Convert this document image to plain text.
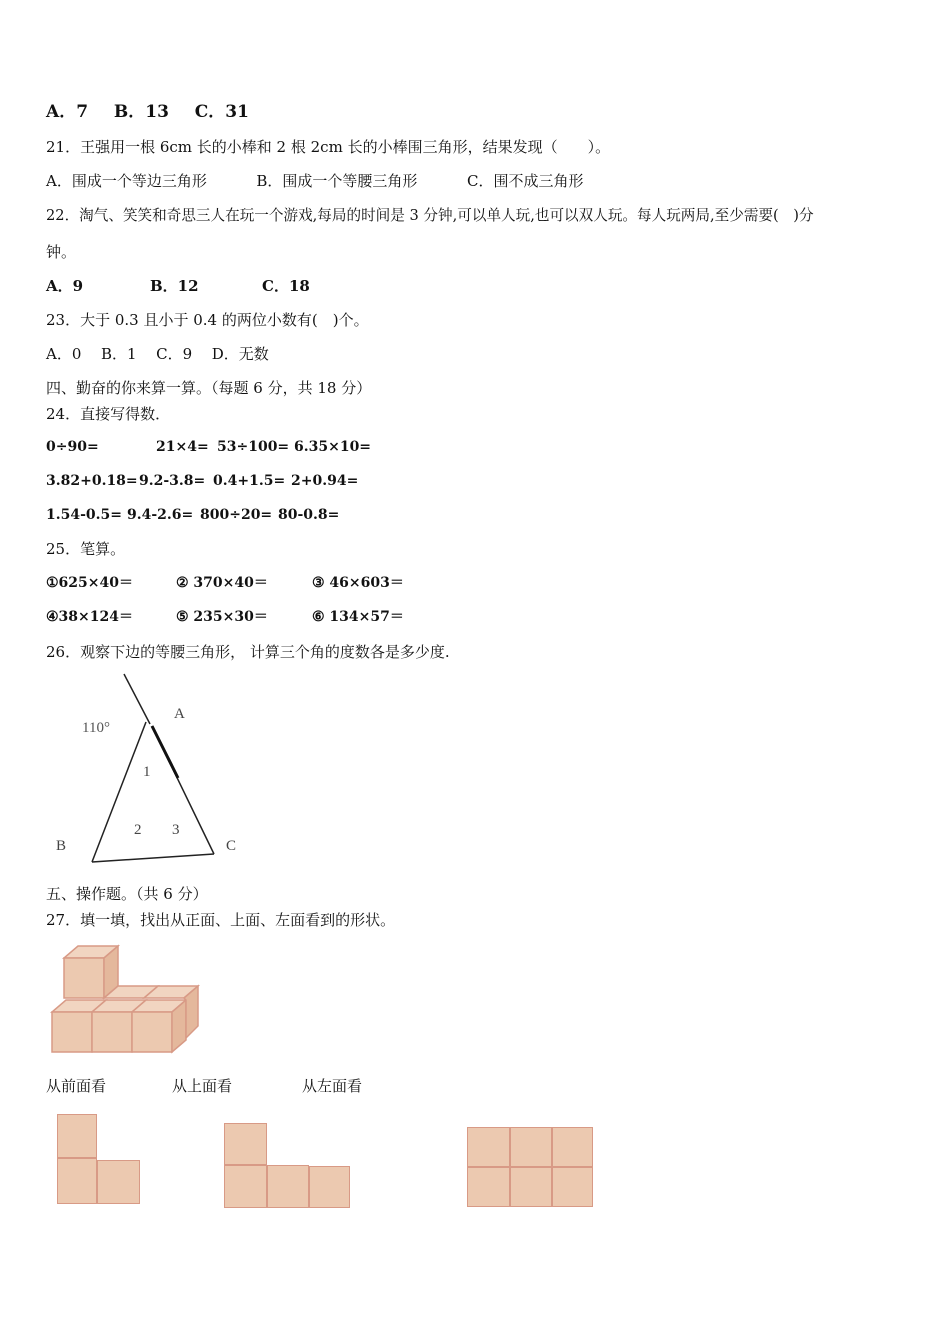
A．7 B．13 C．31
21．王强用一根 6cm 长的小棒和 2 根 2cm 长的小棒围三角形，结果发现（　　）。
A．围成一个等边三角形	B．围成一个等腰三角形	C．围不成三角形
22．淘气、笑笑和奇思三人在玩一个游戏,每局的时间是 3 分钟,可以单人玩,也可以双人玩。每人玩两局,至少需要(　)分
钟。
A．9	B．12	C．18
23．大于 0.3 且小于 0.4 的两位小数有(　)个。
A．0 B．1 C．9 D．无数
四、勤奋的你来算一算。（每题 6 分，共 18 分）
24．直接写得数．
0÷90=	21×4= 53÷100= 6.35×10=
3.82+0.18=9.2-3.8= 0.4+1.5= 2+0.94=
1.54-0.5= 9.4-2.6= 800÷20= 80-0.8=
25．笔算。
①625×40＝	② 370×40＝	③ 46×603＝
④38×124＝	⑤ 235×30＝	⑥ 134×57＝
26．观察下边的等腰三角形， 计算三个角的度数各是多少度.
110°
A
B	C
1
2 3
五、操作题。（共 6 分）
27．填一填，找出从正面、上面、左面看到的形状。
从前面看	从上面看	从左面看
